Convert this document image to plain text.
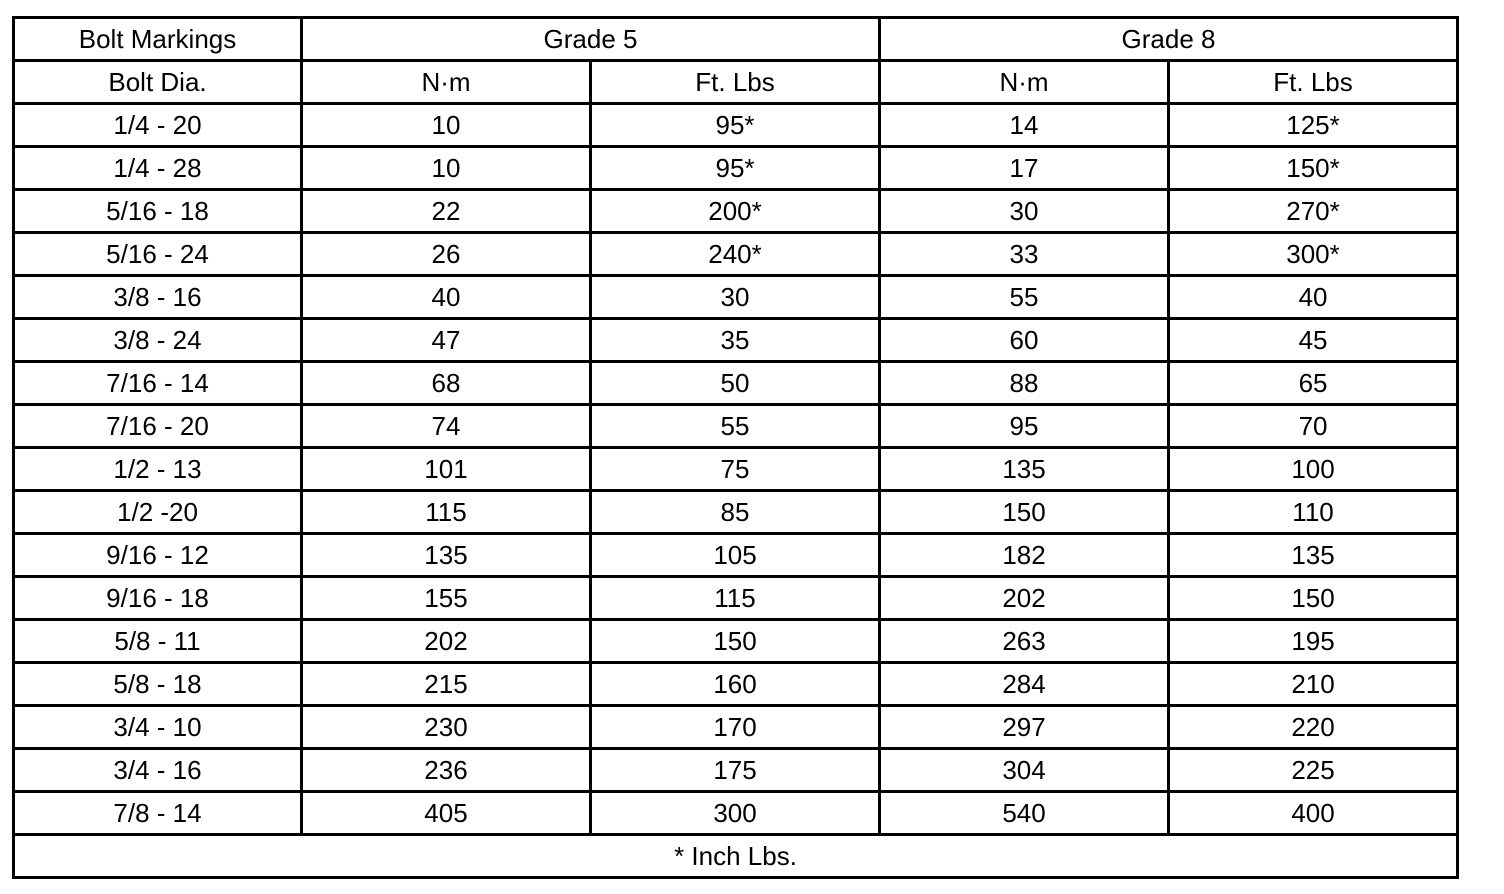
Bolt Markings	Grade 5		Grade 8	
Bolt Dia.	N·m	Ft. Lbs	N·m	Ft. Lbs
1/4 - 20	10	95*	14	125*
1/4 - 28	10	95*	17	150*
5/16 - 18	22	200*	30	270*
5/16 - 24	26	240*	33	300*
3/8 - 16	40	30	55	40
3/8 - 24	47	35	60	45
7/16 - 14	68	50	88	65
7/16 - 20	74	55	95	70
1/2 - 13	101	75	135	100
1/2 -20	115	85	150	110
9/16 - 12	135	105	182	135
9/16 - 18	155	115	202	150
5/8 - 11	202	150	263	195
5/8 - 18	215	160	284	210
3/4 - 10	230	170	297	220
3/4 - 16	236	175	304	225
7/8 - 14	405	300	540	400
* Inch Lbs.				
